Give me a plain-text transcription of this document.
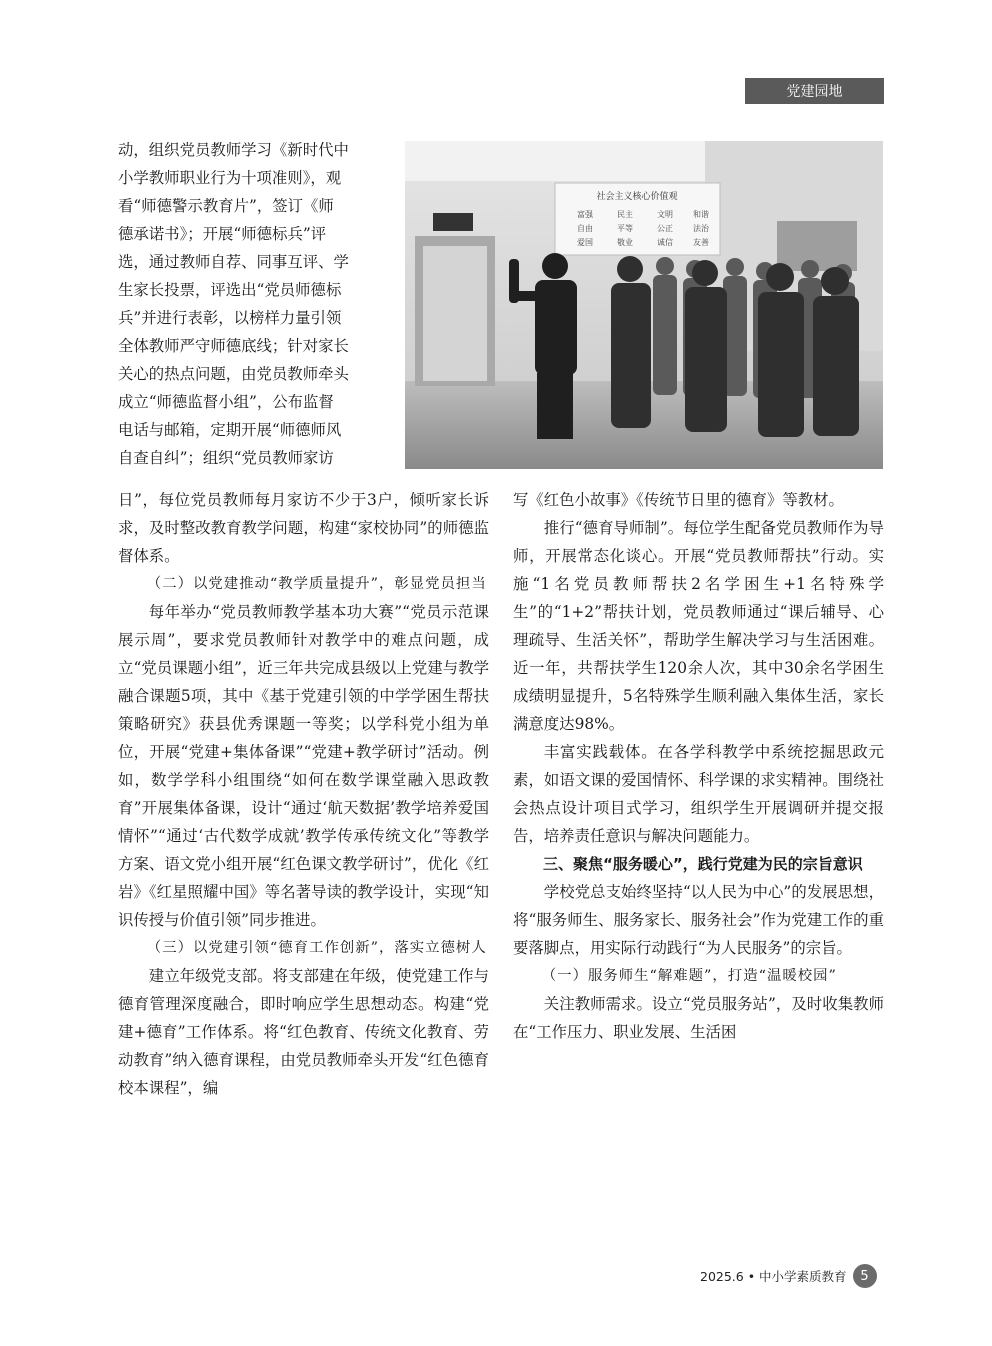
党建园地

动，组织党员教师学习《新时代中

小学教师职业行为十项准则》，观

看“师德警示教育片”，签订《师

德承诺书》；开展“师德标兵”评

选，通过教师自荐、同事互评、学

生家长投票，评选出“党员师德标

兵”并进行表彰，以榜样力量引领

全体教师严守师德底线；针对家长

关心的热点问题，由党员教师牵头

成立“师德监督小组”，公布监督

电话与邮箱，定期开展“师德师风

自查自纠”；组织“党员教师家访

社会主义核心价值观
富强	民主	文明	和谐
自由	平等	公正	法治
爱国	敬业	诚信	友善

日”，每位党员教师每月家访不少于3户，倾听家长诉求，及时整改教育教学问题，构建“家校协同”的师德监督体系。

（二）以党建推动“教学质量提升”，彰显党员担当

每年举办“党员教师教学基本功大赛”“党员示范课展示周”，要求党员教师针对教学中的难点问题，成立“党员课题小组”，近三年共完成县级以上党建与教学融合课题5项，其中《基于党建引领的中学学困生帮扶策略研究》获县优秀课题一等奖；以学科党小组为单位，开展“党建+集体备课”“党建+教学研讨”活动。例如，数学学科小组围绕“如何在数学课堂融入思政教育”开展集体备课，设计“通过‘航天数据’教学培养爱国情怀”“通过‘古代数学成就’教学传承传统文化”等教学方案、语文党小组开展“红色课文教学研讨”，优化《红岩》《红星照耀中国》等名著导读的教学设计，实现“知识传授与价值引领”同步推进。

（三）以党建引领“德育工作创新”，落实立德树人

建立年级党支部。将支部建在年级，使党建工作与德育管理深度融合，即时响应学生思想动态。构建“党建+德育”工作体系。将“红色教育、传统文化教育、劳动教育”纳入德育课程，由党员教师牵头开发“红色德育校本课程”，编

写《红色小故事》《传统节日里的德育》等教材。

推行“德育导师制”。每位学生配备党员教师作为导师，开展常态化谈心。开展“党员教师帮扶”行动。实施“1名党员教师帮扶2名学困生+1名特殊学生”的“1+2”帮扶计划，党员教师通过“课后辅导、心理疏导、生活关怀”，帮助学生解决学习与生活困难。近一年，共帮扶学生120余人次，其中30余名学困生成绩明显提升，5名特殊学生顺利融入集体生活，家长满意度达98%。

丰富实践载体。在各学科教学中系统挖掘思政元素，如语文课的爱国情怀、科学课的求实精神。围绕社会热点设计项目式学习，组织学生开展调研并提交报告，培养责任意识与解决问题能力。

三、聚焦“服务暖心”，践行党建为民的宗旨意识

学校党总支始终坚持“以人民为中心”的发展思想，将“服务师生、服务家长、服务社会”作为党建工作的重要落脚点，用实际行动践行“为人民服务”的宗旨。

（一）服务师生“解难题”，打造“温暖校园”

关注教师需求。设立“党员服务站”，及时收集教师在“工作压力、职业发展、生活困

2025.6 • 中小学素质教育	5
